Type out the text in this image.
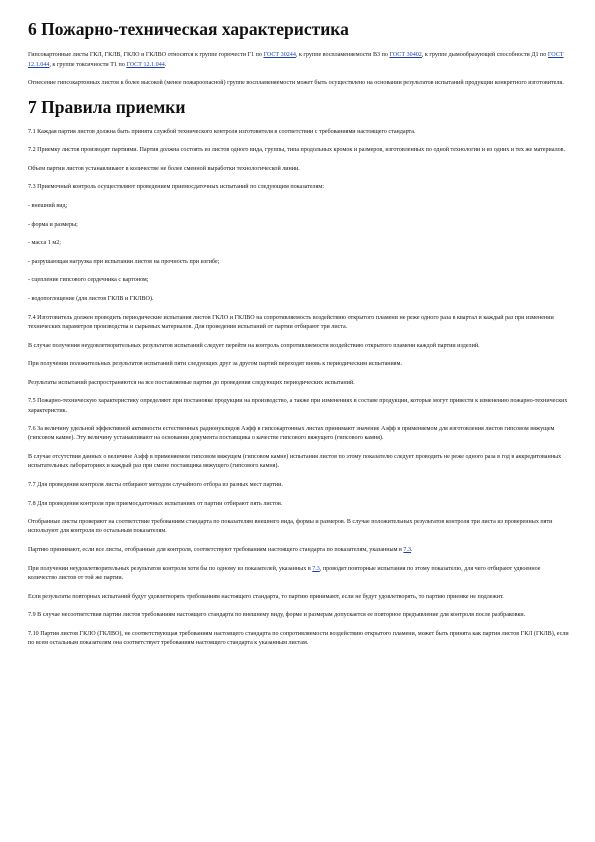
6 Пожарно-техническая характеристика

Гипсокартонные листы ГКЛ, ГКЛВ, ГКЛО и ГКЛВО относятся к группе горючести Г1 по ГОСТ 30244, к группе воспламеняемости В3 по ГОСТ 30402, к группе дымообразующей способности Д1 по ГОСТ 12.1.044, к группе токсичности Т1 по ГОСТ 12.1.044.

Отнесение гипсокартонных листов к более высокой (менее пожароопасной) группе воспламеняемости может быть осуществлено на основании результатов испытаний продукции конкретного изготовителя.

7 Правила приемки

7.1 Каждая партия листов должна быть принята службой технического контроля изготовителя в соответствии с требованиями настоящего стандарта.

7.2 Приемку листов производят партиями. Партия должна состоять из листов одного вида, группы, типа продольных кромок и размеров, изготовленных по одной технологии и из одних и тех же материалов.

Объем партии листов устанавливают в количестве не более сменной выработки технологической линии.

7.3 Приемочный контроль осуществляют проведением приемосдаточных испытаний по следующим показателям:

- внешний вид;

- форма и размеры;

- масса 1 м2;

- разрушающая нагрузка при испытании листов на прочность при изгибе;

- сцепление гипсового сердечника с картоном;

- водопоглощение (для листов ГКЛВ и ГКЛВО).

7.4 Изготовитель должен проводить периодические испытания листов ГКЛО и ГКЛВО на сопротивляемость воздействию открытого пламени не реже одного раза в квартал и каждый раз при изменении технических параметров производства и сырьевых материалов. Для проведения испытаний от партии отбирают три листа.

В случае получения неудовлетворительных результатов испытаний следует перейти на контроль сопротивляемости воздействию открытого пламени каждой партии изделий.

При получении положительных результатов испытаний пяти следующих друг за другом партий переходят вновь к периодическим испытаниям.

Результаты испытаний распространяются на все поставляемые партии до проведения следующих периодических испытаний.

7.5 Пожарно-техническую характеристику определяют при постановке продукции на производство, а также при изменениях в составе продукции, которые могут привести к изменению пожарно-технических характеристик.

7.6 За величину удельной эффективной активности естественных радионуклидов Аэфф в гипсокартонных листах принимают значение Аэфф в применяемом для изготовления листов гипсовом вяжущем (гипсовом камне). Эту величину устанавливают на основании документа поставщика о качестве гипсового вяжущего (гипсового камня).

В случае отсутствия данных о величине Аэфф в применяемом гипсовом вяжущем (гипсовом камне) испытания листов по этому показателю следует проводить не реже одного раза в год в аккредитованных испытательных лабораториях и каждый раз при смене поставщика вяжущего (гипсового камня).

7.7 Для проведения контроля листы отбирают методом случайного отбора из разных мест партии.

7.8 Для проведения контроля при приемосдаточных испытаниях от партии отбирают пять листов.

Отобранные листы проверяют на соответствие требованиям стандарта по показателям внешнего вида, формы и размеров. В случае положительных результатов контроля три листа из проверенных пяти используют для контроля по остальным показателям.

Партию принимают, если все листы, отобранные для контроля, соответствуют требованиям настоящего стандарта по показателям, указанным в 7.3.

При получении неудовлетворительных результатов контроля хотя бы по одному из показателей, указанных в 7.3, проводят повторные испытания по этому показателю, для чего отбирают удвоенное количество листов от той же партии.

Если результаты повторных испытаний будут удовлетворять требованиям настоящего стандарта, то партию принимают, если не будут удовлетворять, то партию приемке не подлежит.

7.9 В случае несоответствия партии листов требованиям настоящего стандарта по внешнему виду, форме и размерам допускается ее повторное предъявление для контроля после разбраковки.

7.10 Партия листов ГКЛО (ГКЛВО), не соответствующая требованиям настоящего стандарта по сопротивляемости воздействию открытого пламени, может быть принята как партия листов ГКЛ (ГКЛВ), если по всем остальным показателям она соответствует требованиям настоящего стандарта к указанным листам.
